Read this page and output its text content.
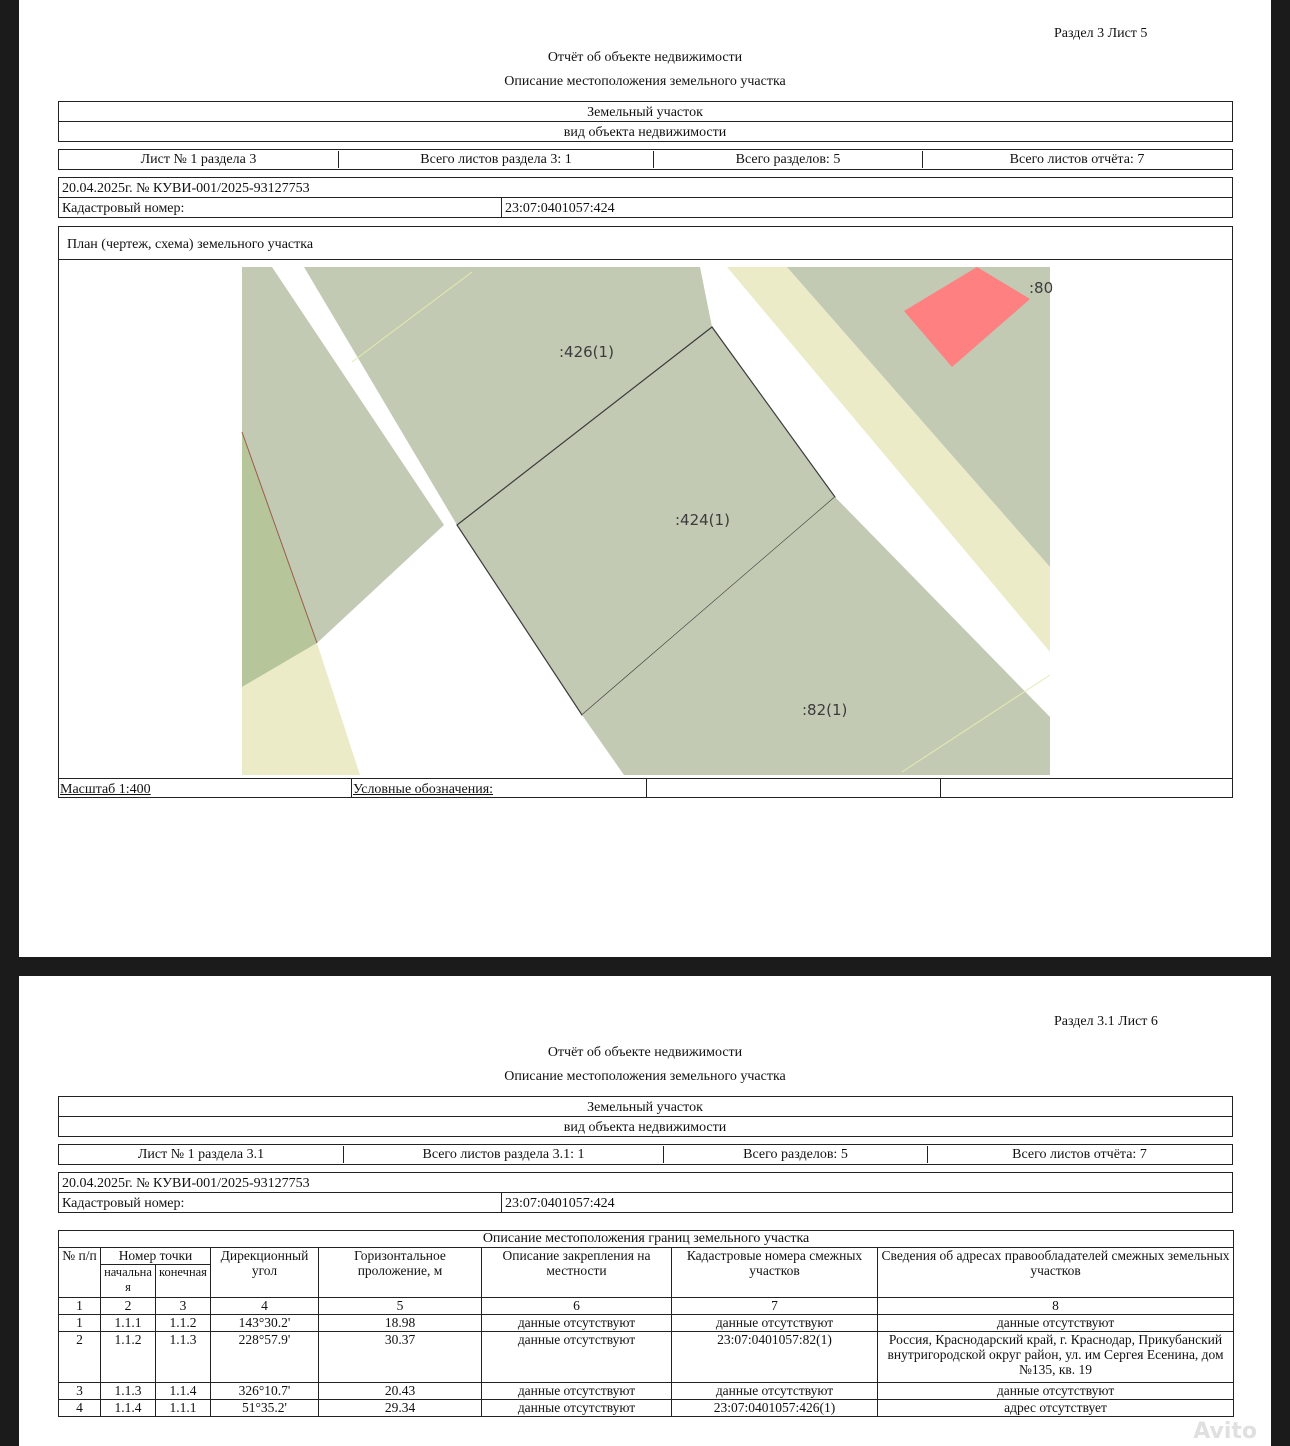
Раздел 3 Лист 5
Отчёт об объекте недвижимости
Описание местоположения земельного участка
Земельный участок
вид объекта недвижимости
Лист № 1 раздела 3	Всего листов раздела 3: 1	Всего разделов: 5	Всего листов отчёта: 7
20.04.2025г. № КУВИ-001/2025-93127753
Кадастровый номер:	23:07:0401057:424
План (чертеж, схема) земельного участка
:426(1)
:424(1)
:82(1)
:80
Масштаб 1:400	Условные обозначения:
Раздел 3.1 Лист 6
Отчёт об объекте недвижимости
Описание местоположения земельного участка
Земельный участок
вид объекта недвижимости
Лист № 1 раздела 3.1	Всего листов раздела 3.1: 1	Всего разделов: 5	Всего листов отчёта: 7
20.04.2025г. № КУВИ-001/2025-93127753
Кадастровый номер:	23:07:0401057:424
Описание местоположения границ земельного участка							
№ п/п	Номер точки		Дирекционный угол	Горизонтальное проложение, м	Описание закрепления на местности	Кадастровые номера смежных участков	Сведения об адресах правообладателей смежных земельных участков
	начальная	конечная					
1	2	3	4	5	6	7	8
1	1.1.1	1.1.2	143°30.2'	18.98	данные отсутствуют	данные отсутствуют	данные отсутствуют
2	1.1.2	1.1.3	228°57.9'	30.37	данные отсутствуют	23:07:0401057:82(1)	Россия, Краснодарский край, г. Краснодар, Прикубанский внутригородской округ район, ул. им Сергея Есенина, дом №135, кв. 19
3	1.1.3	1.1.4	326°10.7'	20.43	данные отсутствуют	данные отсутствуют	данные отсутствуют
4	1.1.4	1.1.1	51°35.2'	29.34	данные отсутствуют	23:07:0401057:426(1)	адрес отсутствует
Avito
